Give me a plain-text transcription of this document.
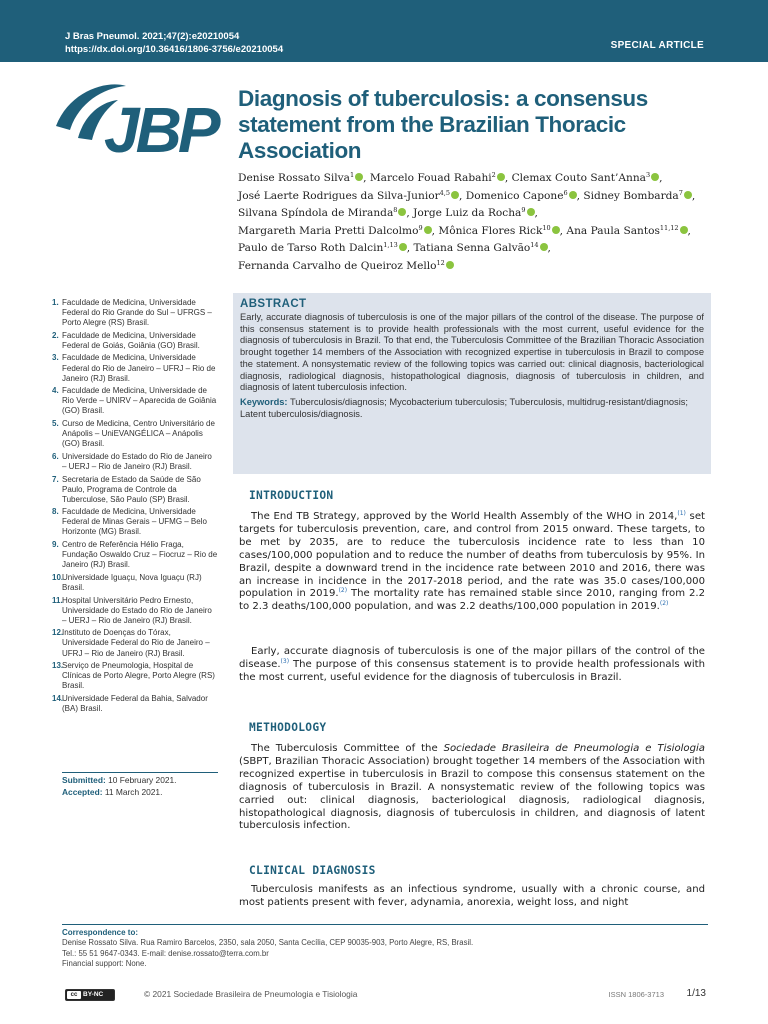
J Bras Pneumol. 2021;47(2):e20210054
https://dx.doi.org/10.36416/1806-3756/e20210054	SPECIAL ARTICLE
JBP Diagnosis of tuberculosis: a consensus statement from the Brazilian Thoracic Association
Denise Rossato Silva$^1$ , Marcelo Fouad Rabahi$^2$ , Clemax Couto Sant’Anna$^3$ , José Laerte Rodrigues da Silva-Junior$^{4,5}$ , Domenico Capone$^6$ , Sidney Bombarda$^7$ , Silvana Spíndola de Miranda$^8$ , Jorge Luiz da Rocha$^9$ , Margareth Maria Pretti Dalcolmo$^9$ , Mônica Flores Rick$^{10}$ , Ana Paula Santos$^{11,12}$ , Paulo de Tarso Roth Dalcin$^{1,13}$ , Tatiana Senna Galvão$^{14}$ , Fernanda Carvalho de Queiroz Mello$^{12}$
1. Faculdade de Medicina, Universidade Federal do Rio Grande do Sul – UFRGS – Porto Alegre (RS) Brasil.
2. Faculdade de Medicina, Universidade Federal de Goiás, Goiânia (GO) Brasil.
3. Faculdade de Medicina, Universidade Federal do Rio de Janeiro – UFRJ – Rio de Janeiro (RJ) Brasil.
4. Faculdade de Medicina, Universidade de Rio Verde – UNIRV – Aparecida de Goiânia (GO) Brasil.
5. Curso de Medicina, Centro Universitário de Anápolis – UniEVANGÉLICA – Anápolis (GO) Brasil.
6. Universidade do Estado do Rio de Janeiro – UERJ – Rio de Janeiro (RJ) Brasil.
7. Secretaria de Estado da Saúde de São Paulo, Programa de Controle da Tuberculose, São Paulo (SP) Brasil.
8. Faculdade de Medicina, Universidade Federal de Minas Gerais – UFMG – Belo Horizonte (MG) Brasil.
9. Centro de Referência Hélio Fraga, Fundação Oswaldo Cruz – Fiocruz – Rio de Janeiro (RJ) Brasil.
10.
Universidade Iguaçu, Nova Iguaçu (RJ) Brasil.
11. Hospital Universitário Pedro Ernesto, Universidade do Estado do Rio de Janeiro – UERJ – Rio de Janeiro (RJ) Brasil.
12.
Instituto de Doenças do Tórax, Universidade Federal do Rio de Janeiro – UFRJ – Rio de Janeiro (RJ) Brasil.
13.
Serviço de Pneumologia, Hospital de Clínicas de Porto Alegre, Porto Alegre (RS) Brasil.
14.
Universidade Federal da Bahia, Salvador (BA) Brasil.
Submitted: 10 February 2021.
Accepted: 11 March 2021.
ABSTRACT
Early, accurate diagnosis of tuberculosis is one of the major pillars of the control of the disease. The purpose of this consensus statement is to provide health professionals with the most current, useful evidence for the diagnosis of tuberculosis in Brazil. To that end, the Tuberculosis Committee of the Brazilian Thoracic Association brought together 14 members of the Association with recognized expertise in tuberculosis in Brazil to compose the statement. A nonsystematic review of the following topics was carried out: clinical diagnosis, bacteriological diagnosis, radiological diagnosis, histopathological diagnosis, diagnosis of tuberculosis in children, and diagnosis of latent tuberculosis infection.
Keywords: Tuberculosis/diagnosis; Mycobacterium tuberculosis; Tuberculosis, multidrug-resistant/diagnosis; Latent tuberculosis/diagnosis.
INTRODUCTION
The End TB Strategy, approved by the World Health Assembly of the WHO in 2014,$^{(1)}$ set targets for tuberculosis prevention, care, and control from 2015 onward. These targets, to be met by 2035, are to reduce the tuberculosis incidence rate to less than 10 cases/100,000 population and to reduce the number of deaths from tuberculosis by 95%. In Brazil, despite a downward trend in the incidence rate between 2010 and 2016, there was an increase in incidence in the 2017-2018 period, and the rate was 35.0 cases/100,000 population in 2019.$^{(2)}$ The mortality rate has remained stable since 2010, ranging from 2.2 to 2.3 deaths/100,000 population, and was 2.2 deaths/100,000 population in 2019.$^{(2)}$
Early, accurate diagnosis of tuberculosis is one of the major pillars of the control of the disease.$^{(3)}$ The purpose of this consensus statement is to provide health professionals with the most current, useful evidence for the diagnosis of tuberculosis in Brazil.
METHODOLOGY
The Tuberculosis Committee of the Sociedade Brasileira de Pneumologia e Tisiologia (SBPT, Brazilian Thoracic Association) brought together 14 members of the Association with recognized expertise in tuberculosis in Brazil to compose this consensus statement on the diagnosis of tuberculosis in Brazil. A nonsystematic review of the following topics was carried out: clinical diagnosis, bacteriological diagnosis, radiological diagnosis, histopathological diagnosis, diagnosis of tuberculosis in children, and diagnosis of latent tuberculosis infection.
CLINICAL DIAGNOSIS
Tuberculosis manifests as an infectious syndrome, usually with a chronic course, and most patients present with fever, adynamia, anorexia, weight loss, and night
Correspondence to:
Denise Rossato Silva. Rua Ramiro Barcelos, 2350, sala 2050, Santa Cecília, CEP 90035-903, Porto Alegre, RS, Brasil.
Tel.: 55 51 9647-0343. E-mail: denise.rossato@terra.com.br
Financial support: None.
cc BY-NC	© 2021 Sociedade Brasileira de Pneumologia e Tisiologia	ISSN 1806-3713 1/13
